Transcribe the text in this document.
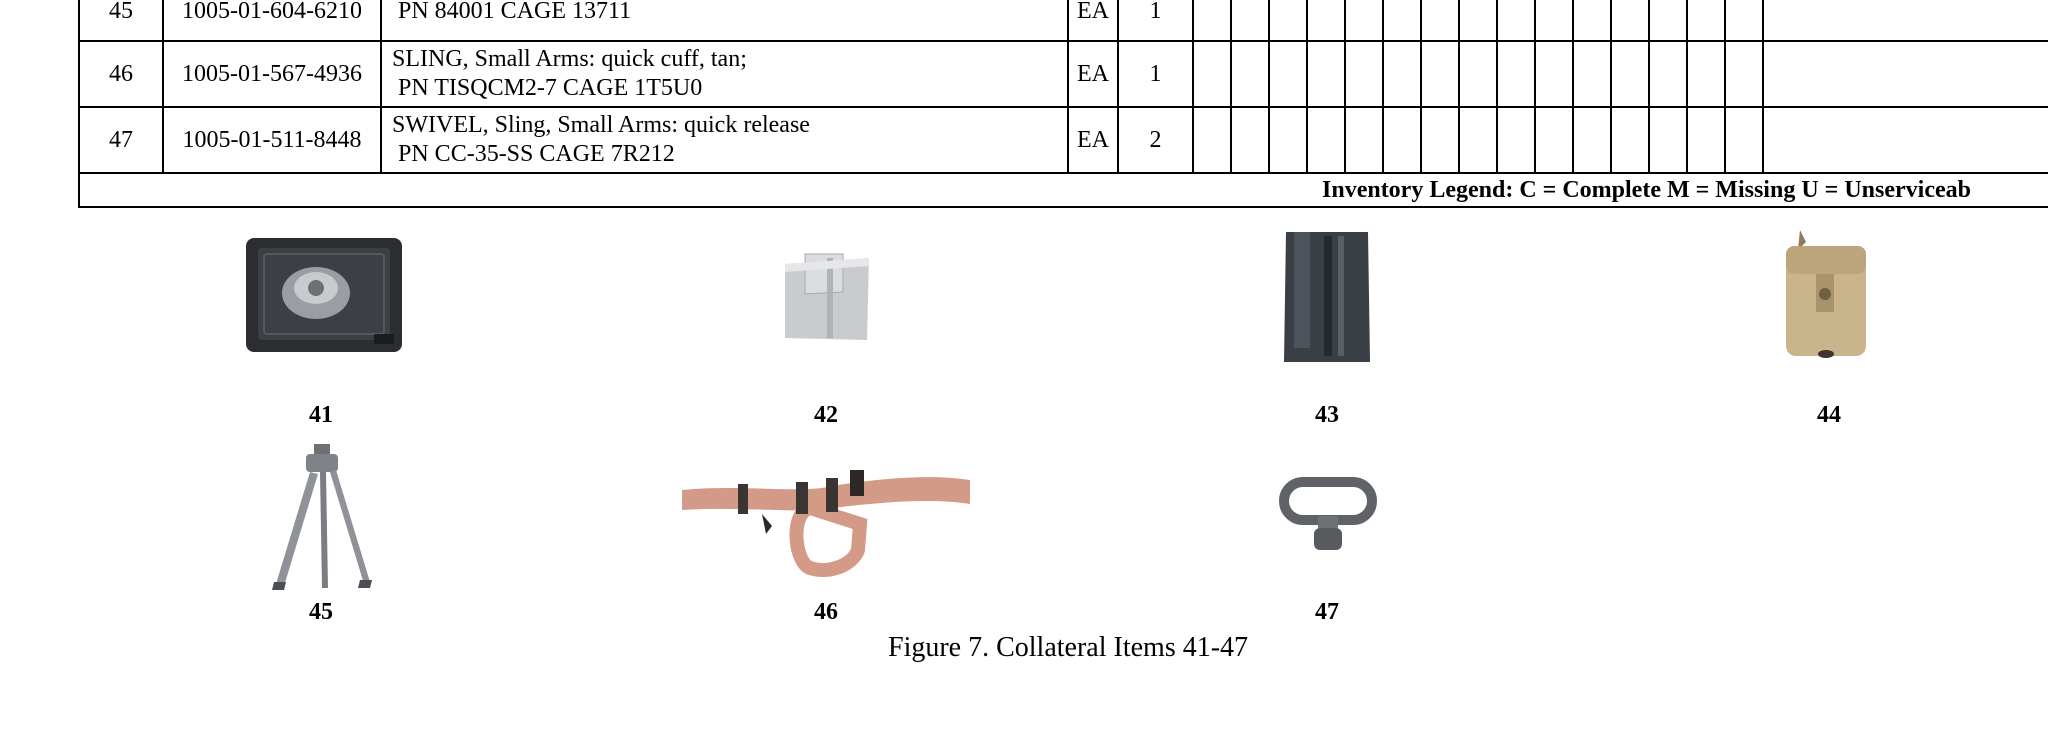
45	1005-01-604-6210	PN 84001 CAGE 13711	EA	1																
46	1005-01-567-4936	SLING, Small Arms: quick cuff, tan;
PN TISQCM2-7 CAGE 1T5U0	EA	1																
47	1005-01-511-8448	SWIVEL, Sling, Small Arms: quick release
PN CC-35-SS CAGE 7R212	EA	2																
Inventory Legend: C = Complete M = Missing U = Unserviceab																				
41	42	43	44
45	46	47
Figure 7. Collateral Items 41-47
